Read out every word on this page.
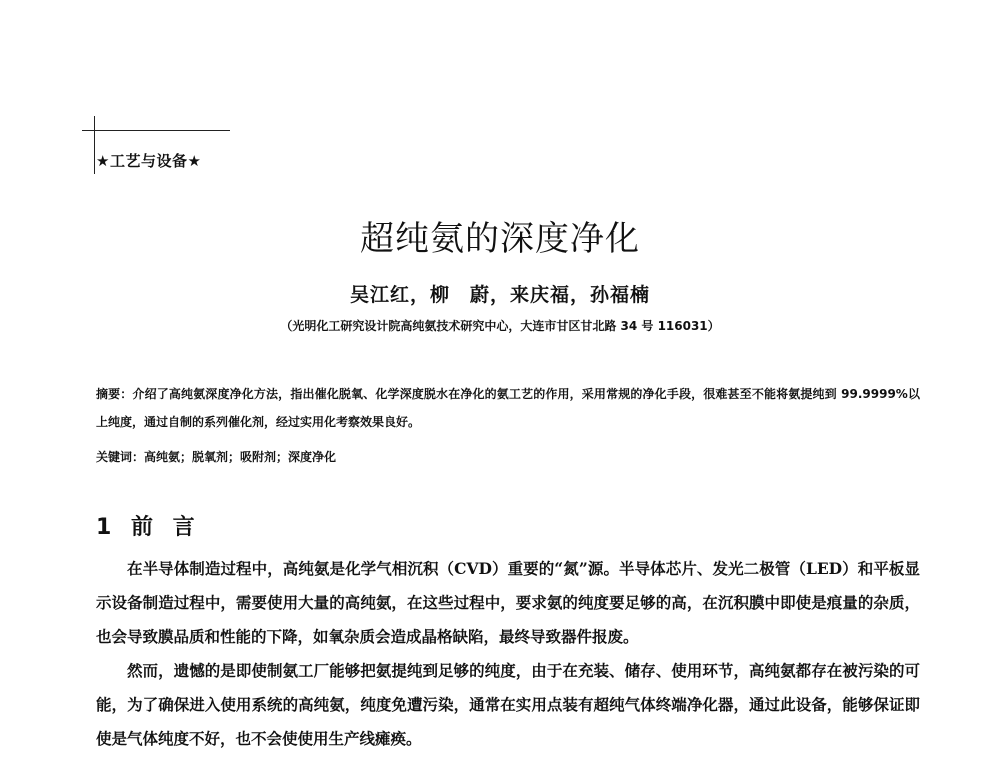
★工艺与设备★
超纯氨的深度净化
吴江红，柳　蔚，来庆福，孙福楠
（光明化工研究设计院高纯氨技术研究中心，大连市甘区甘北路 34 号 116031）
摘要：介绍了高纯氨深度净化方法，指出催化脱氧、化学深度脱水在净化的氨工艺的作用，采用常规的净化手段，很难甚至不能将氨提纯到 99.9999%以上纯度，通过自制的系列催化剂，经过实用化考察效果良好。
关键词：高纯氨；脱氧剂；吸附剂；深度净化
1 前 言

在半导体制造过程中，高纯氨是化学气相沉积（CVD）重要的“氮”源。半导体芯片、发光二极管（LED）和平板显示设备制造过程中，需要使用大量的高纯氨，在这些过程中，要求氨的纯度要足够的高，在沉积膜中即使是痕量的杂质，也会导致膜品质和性能的下降，如氧杂质会造成晶格缺陷，最终导致器件报废。

然而，遗憾的是即使制氨工厂能够把氨提纯到足够的纯度，由于在充装、储存、使用环节，高纯氨都存在被污染的可能，为了确保进入使用系统的高纯氨，纯度免遭污染，通常在实用点装有超纯气体终端净化器，通过此设备，能够保证即使是气体纯度不好，也不会使使用生产线瘫痪。
